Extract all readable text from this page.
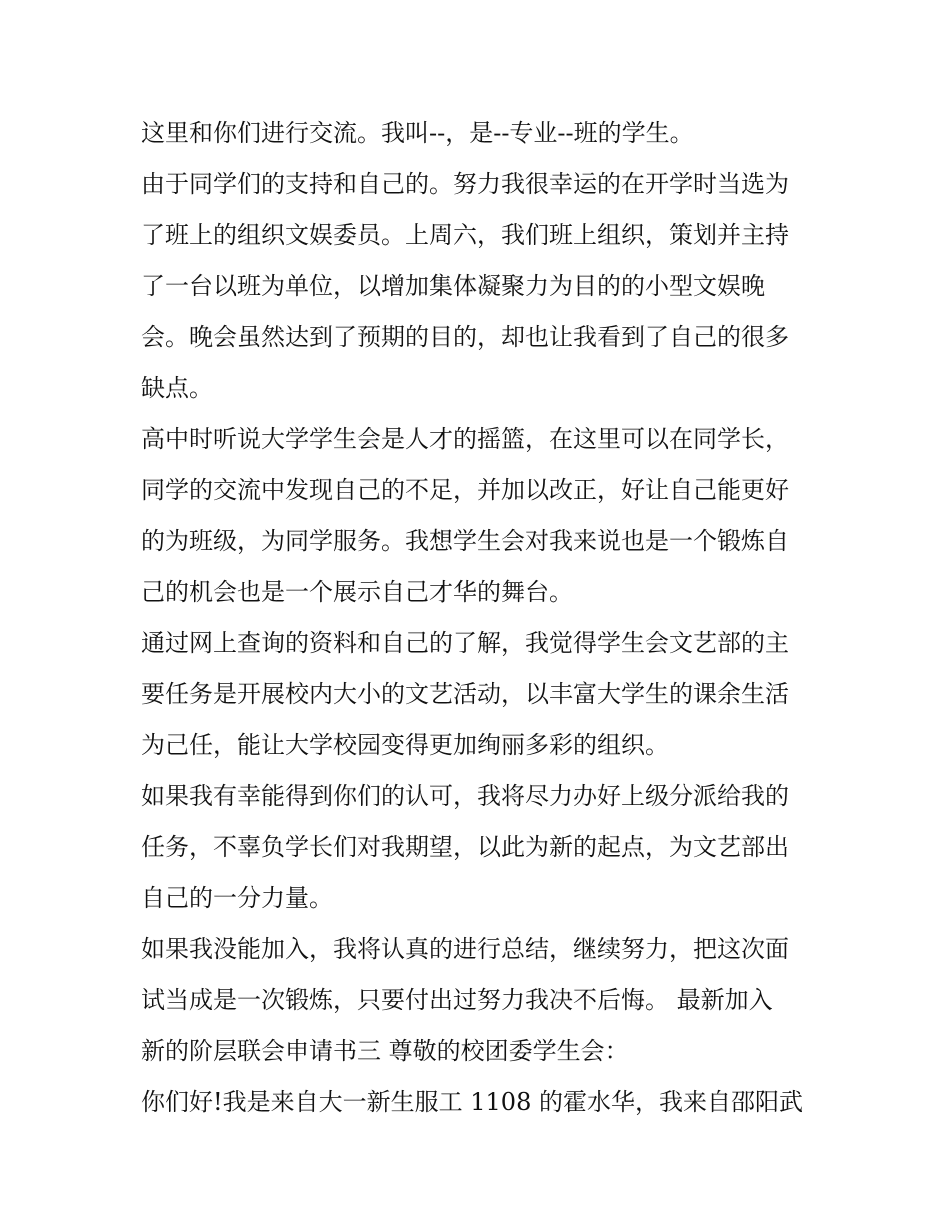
这里和你们进行交流。我叫--，是--专业--班的学生。
由于同学们的支持和自己的。努力我很幸运的在开学时当选为
了班上的组织文娱委员。上周六，我们班上组织，策划并主持
了一台以班为单位，以增加集体凝聚力为目的的小型文娱晚
会。晚会虽然达到了预期的目的，却也让我看到了自己的很多
缺点。
高中时听说大学学生会是人才的摇篮，在这里可以在同学长，
同学的交流中发现自己的不足，并加以改正，好让自己能更好
的为班级，为同学服务。我想学生会对我来说也是一个锻炼自
己的机会也是一个展示自己才华的舞台。
通过网上查询的资料和自己的了解，我觉得学生会文艺部的主
要任务是开展校内大小的文艺活动，以丰富大学生的课余生活
为己任，能让大学校园变得更加绚丽多彩的组织。
如果我有幸能得到你们的认可，我将尽力办好上级分派给我的
任务，不辜负学长们对我期望，以此为新的起点，为文艺部出
自己的一分力量。
如果我没能加入，我将认真的进行总结，继续努力，把这次面
试当成是一次锻炼，只要付出过努力我决不后悔。 最新加入
新的阶层联会申请书三 尊敬的校团委学生会：
你们好!我是来自大一新生服工 1108 的霍水华，我来自邵阳武
